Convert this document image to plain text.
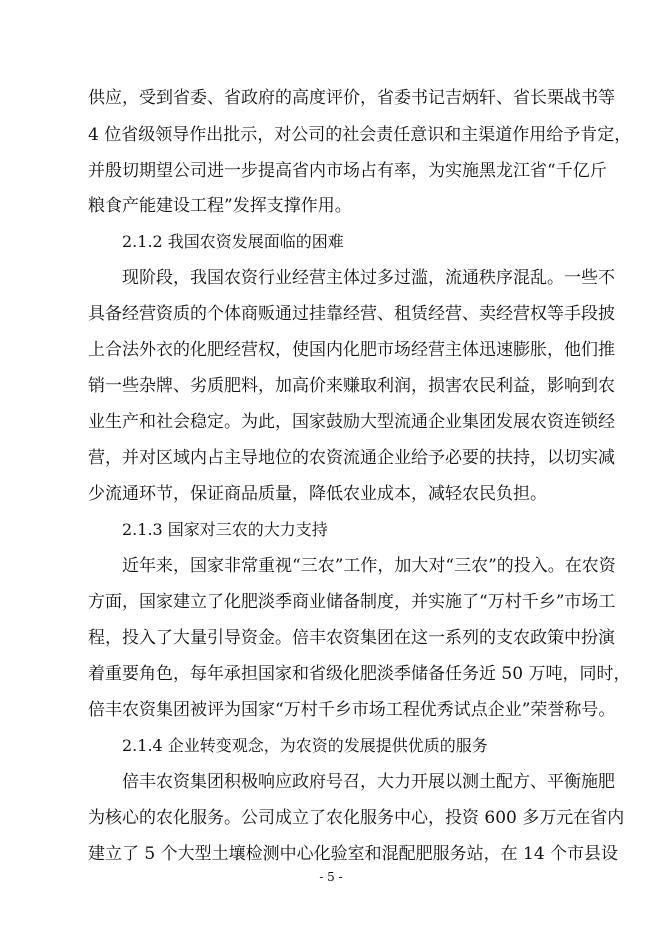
供应，受到省委、省政府的高度评价，省委书记吉炳轩、省长栗战书等
4 位省级领导作出批示，对公司的社会责任意识和主渠道作用给予肯定，
并殷切期望公司进一步提高省内市场占有率，为实施黑龙江省“千亿斤
粮食产能建设工程”发挥支撑作用。
2.1.2 我国农资发展面临的困难
现阶段，我国农资行业经营主体过多过滥，流通秩序混乱。一些不
具备经营资质的个体商贩通过挂靠经营、租赁经营、卖经营权等手段披
上合法外衣的化肥经营权，使国内化肥市场经营主体迅速膨胀，他们推
销一些杂牌、劣质肥料，加高价来赚取利润，损害农民利益，影响到农
业生产和社会稳定。为此，国家鼓励大型流通企业集团发展农资连锁经
营，并对区域内占主导地位的农资流通企业给予必要的扶持，以切实减
少流通环节，保证商品质量，降低农业成本，减轻农民负担。
2.1.3 国家对三农的大力支持
近年来，国家非常重视“三农”工作，加大对“三农”的投入。在农资
方面，国家建立了化肥淡季商业储备制度，并实施了“万村千乡”市场工
程，投入了大量引导资金。倍丰农资集团在这一系列的支农政策中扮演
着重要角色，每年承担国家和省级化肥淡季储备任务近 50 万吨，同时，
倍丰农资集团被评为国家“万村千乡市场工程优秀试点企业”荣誉称号。
2.1.4 企业转变观念，为农资的发展提供优质的服务
倍丰农资集团积极响应政府号召，大力开展以测土配方、平衡施肥
为核心的农化服务。公司成立了农化服务中心，投资 600 多万元在省内
建立了 5 个大型土壤检测中心化验室和混配肥服务站，在 14 个市县设
- 5 -
